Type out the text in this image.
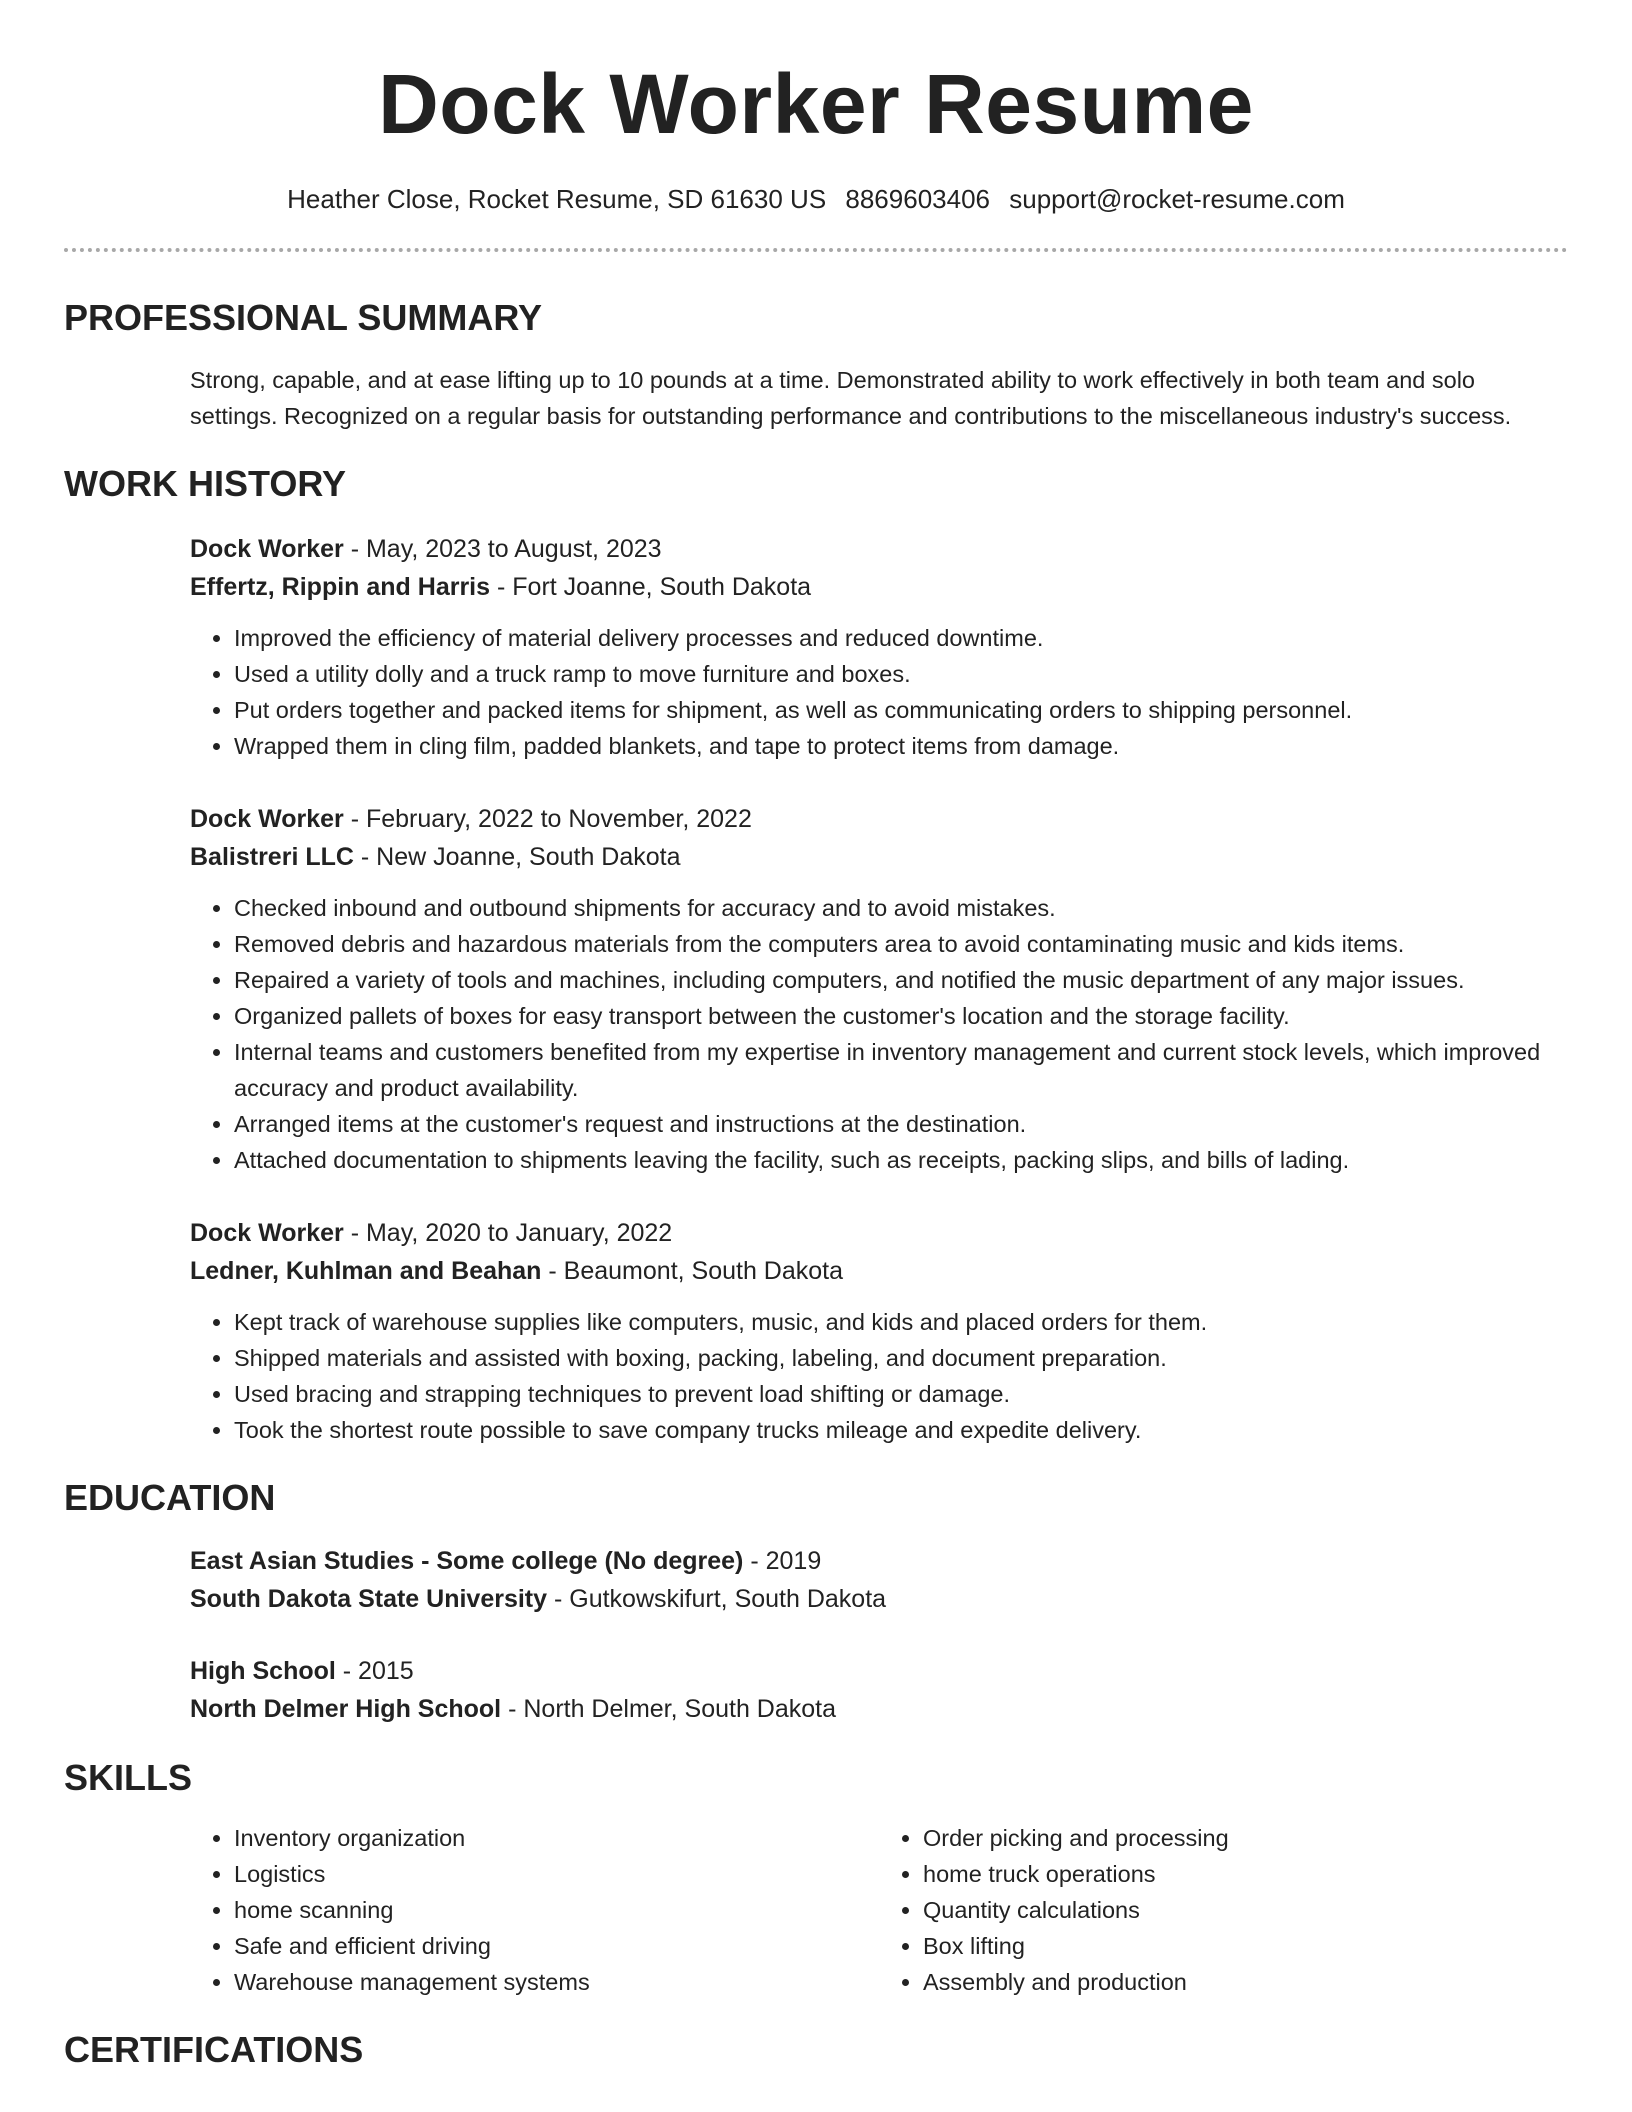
Dock Worker Resume
Heather Close, Rocket Resume, SD 61630 US 8869603406 support@rocket-resume.com
PROFESSIONAL SUMMARY
Strong, capable, and at ease lifting up to 10 pounds at a time. Demonstrated ability to work effectively in both team and solo settings. Recognized on a regular basis for outstanding performance and contributions to the miscellaneous industry's success.
WORK HISTORY
Dock Worker - May, 2023 to August, 2023
Effertz, Rippin and Harris - Fort Joanne, South Dakota
• Improved the efficiency of material delivery processes and reduced downtime.
• Used a utility dolly and a truck ramp to move furniture and boxes.
• Put orders together and packed items for shipment, as well as communicating orders to shipping personnel.
• Wrapped them in cling film, padded blankets, and tape to protect items from damage.
Dock Worker - February, 2022 to November, 2022
Balistreri LLC - New Joanne, South Dakota
• Checked inbound and outbound shipments for accuracy and to avoid mistakes.
• Removed debris and hazardous materials from the computers area to avoid contaminating music and kids items.
• Repaired a variety of tools and machines, including computers, and notified the music department of any major issues.
• Organized pallets of boxes for easy transport between the customer's location and the storage facility.
• Internal teams and customers benefited from my expertise in inventory management and current stock levels, which improved accuracy and product availability.
• Arranged items at the customer's request and instructions at the destination.
• Attached documentation to shipments leaving the facility, such as receipts, packing slips, and bills of lading.
Dock Worker - May, 2020 to January, 2022
Ledner, Kuhlman and Beahan - Beaumont, South Dakota
• Kept track of warehouse supplies like computers, music, and kids and placed orders for them.
• Shipped materials and assisted with boxing, packing, labeling, and document preparation.
• Used bracing and strapping techniques to prevent load shifting or damage.
• Took the shortest route possible to save company trucks mileage and expedite delivery.
EDUCATION
East Asian Studies - Some college (No degree) - 2019
South Dakota State University - Gutkowskifurt, South Dakota
High School - 2015
North Delmer High School - North Delmer, South Dakota
SKILLS
• Inventory organization
• Logistics
• home scanning
• Safe and efficient driving
• Warehouse management systems
• Order picking and processing
• home truck operations
• Quantity calculations
• Box lifting
• Assembly and production
CERTIFICATIONS
